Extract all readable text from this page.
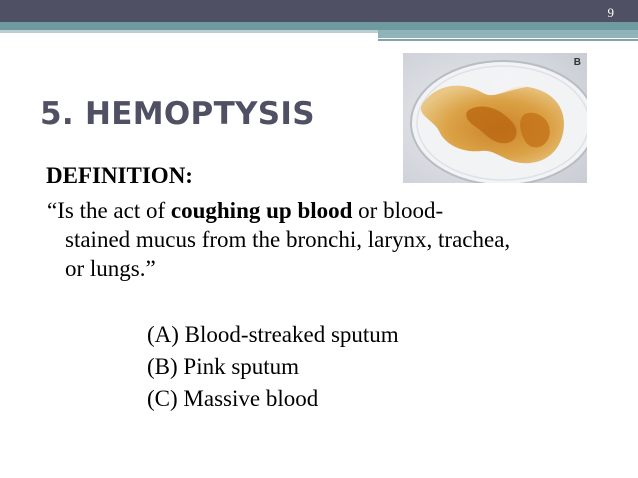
9
B
5. HEMOPTYSIS
DEFINITION:
“Is the act of coughing up blood or blood-
stained mucus from the bronchi, larynx, trachea,
or lungs.”
(A) Blood-streaked sputum
(B) Pink sputum
(C) Massive blood
